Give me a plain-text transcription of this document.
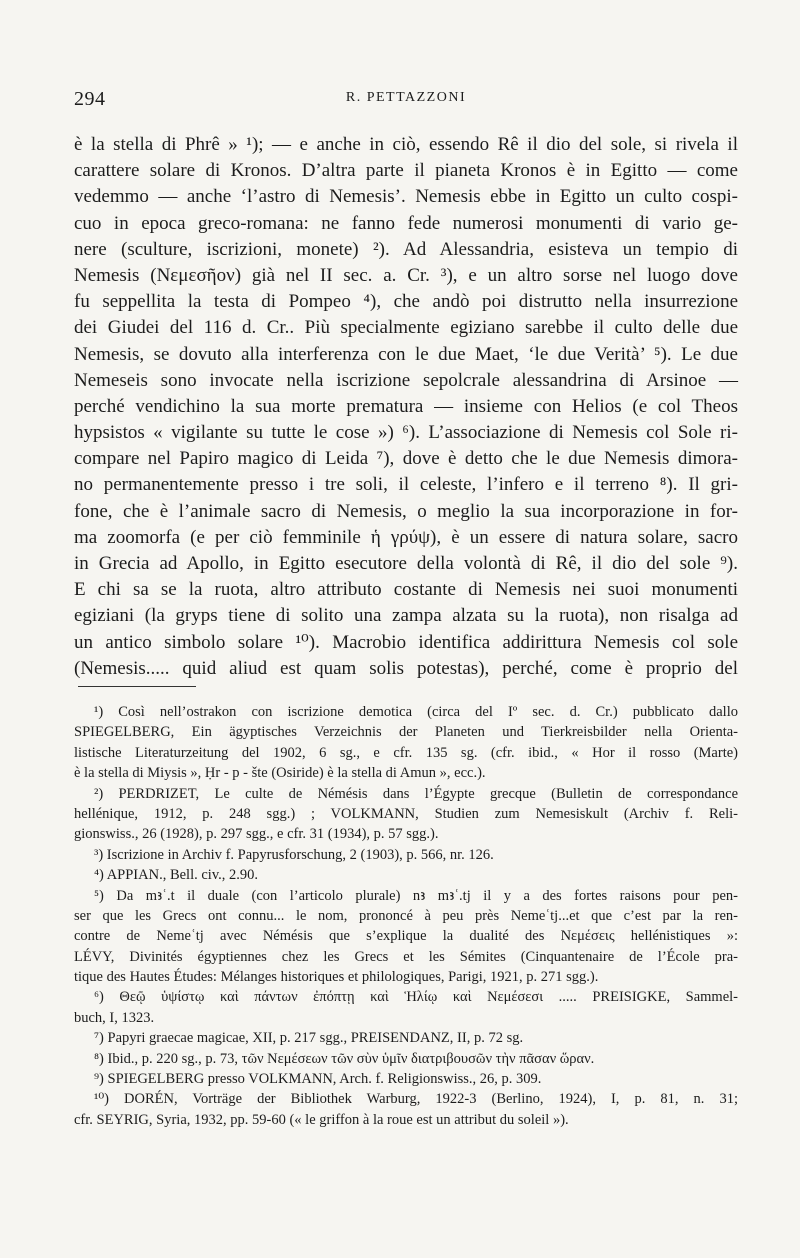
294	R. PETTAZZONI
è la stella di Phrê » ¹); — e anche in ciò, essendo Rê il dio del sole, si rivela il
carattere solare di Kronos. D’altra parte il pianeta Kronos è in Egitto — come
vedemmo — anche ‘l’astro di Nemesis’. Nemesis ebbe in Egitto un culto cospi-
cuo in epoca greco-romana: ne fanno fede numerosi monumenti di vario ge-
nere (sculture, iscrizioni, monete) ²). Ad Alessandria, esisteva un tempio di
Nemesis (Νεμεσῆον) già nel II sec. a. Cr. ³), e un altro sorse nel luogo dove
fu seppellita la testa di Pompeo ⁴), che andò poi distrutto nella insurrezione
dei Giudei del 116 d. Cr.. Più specialmente egiziano sarebbe il culto delle due
Nemesis, se dovuto alla interferenza con le due Maet, ‘le due Verità’ ⁵). Le due
Nemeseis sono invocate nella iscrizione sepolcrale alessandrina di Arsinoe —
perché vendichino la sua morte prematura — insieme con Helios (e col Theos
hypsistos « vigilante su tutte le cose ») ⁶). L’associazione di Nemesis col Sole ri-
compare nel Papiro magico di Leida ⁷), dove è detto che le due Nemesis dimora-
no permanentemente presso i tre soli, il celeste, l’infero e il terreno ⁸). Il gri-
fone, che è l’animale sacro di Nemesis, o meglio la sua incorporazione in for-
ma zoomorfa (e per ciò femminile ἡ γρύψ), è un essere di natura solare, sacro
in Grecia ad Apollo, in Egitto esecutore della volontà di Rê, il dio del sole ⁹).
E chi sa se la ruota, altro attributo costante di Nemesis nei suoi monumenti
egiziani (la gryps tiene di solito una zampa alzata su la ruota), non risalga ad
un antico simbolo solare ¹⁰). Macrobio identifica addirittura Nemesis col sole
(Nemesis..... quid aliud est quam solis potestas), perché, come è proprio del
¹) Così nell’ostrakon con iscrizione demotica (circa del Iº sec. d. Cr.) pubblicato dallo
SPIEGELBERG, Ein ägyptisches Verzeichnis der Planeten und Tierkreisbilder nella Orienta-
listische Literaturzeitung del 1902, 6 sg., e cfr. 135 sg. (cfr. ibid., « Hor il rosso (Marte)
è la stella di Miysis », Ḥr - p - šte (Osiride) è la stella di Amun », ecc.).
²) PERDRIZET, Le culte de Némésis dans l’Égypte grecque (Bulletin de correspondance
hellénique, 1912, p. 248 sgg.) ; VOLKMANN, Studien zum Nemesiskult (Archiv f. Reli-
gionswiss., 26 (1928), p. 297 sgg., e cfr. 31 (1934), p. 57 sgg.).
³) Iscrizione in Archiv f. Papyrusforschung, 2 (1903), p. 566, nr. 126.
⁴) APPIAN., Bell. civ., 2.90.
⁵) Da mꜣʿ.t il duale (con l’articolo plurale) nꜣ mꜣʿ.tj il y a des fortes raisons pour pen-
ser que les Grecs ont connu... le nom, prononcé à peu près Nemeʿtj...et que c’est par la ren-
contre de Nemeʿtj avec Némésis que s’explique la dualité des Νεμέσεις hellénistiques »:
LÉVY, Divinités égyptiennes chez les Grecs et les Sémites (Cinquantenaire de l’École pra-
tique des Hautes Études: Mélanges historiques et philologiques, Parigi, 1921, p. 271 sgg.).
⁶) Θεῷ ὑψίστῳ καὶ πάντων ἐπόπτῃ καὶ Ἡλίῳ καὶ Νεμέσεσι ..... PREISIGKE, Sammel-
buch, I, 1323.
⁷) Papyri graecae magicae, XII, p. 217 sgg., PREISENDANZ, II, p. 72 sg.
⁸) Ibid., p. 220 sg., p. 73, τῶν Νεμέσεων τῶν σὺν ὑμῖν διατριβουσῶν τὴν πᾶσαν ὥραν.
⁹) SPIEGELBERG presso VOLKMANN, Arch. f. Religionswiss., 26, p. 309.
¹⁰) DORÉN, Vorträge der Bibliothek Warburg, 1922-3 (Berlino, 1924), I, p. 81, n. 31;
cfr. SEYRIG, Syria, 1932, pp. 59-60 (« le griffon à la roue est un attribut du soleil »).
